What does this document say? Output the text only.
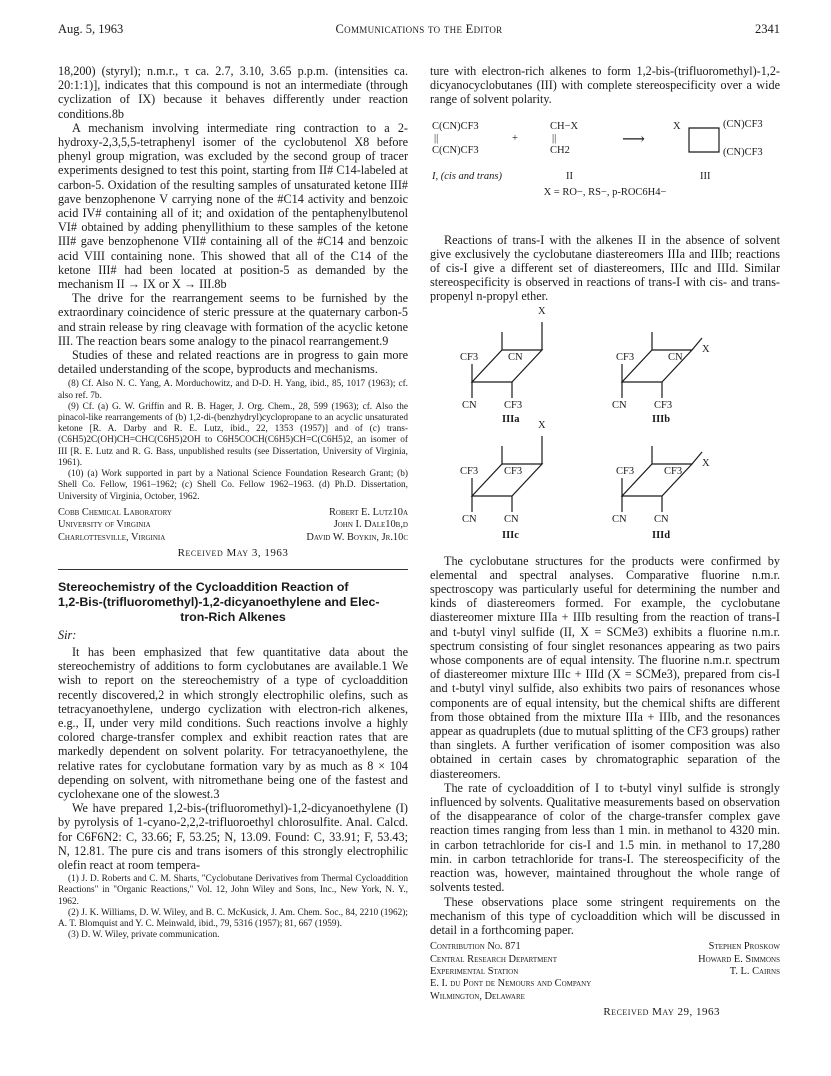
Aug. 5, 1963	Communications to the Editor	2341

18,200) (styryl); n.m.r., τ ca. 2.7, 3.10, 3.65 p.p.m. (intensities ca. 20:1:1)], indicates that this compound is not an intermediate (through cyclization of IX) because it behaves differently under reaction conditions.8b

A mechanism involving intermediate ring contraction to a 2-hydroxy-2,3,5,5-tetraphenyl isomer of the cyclobutenol X8 before phenyl group migration, was excluded by the second group of tracer experiments designed to test this point, starting from II# C14-labeled at carbon-5. Oxidation of the resulting samples of unsaturated ketone III# gave benzophenone V carrying none of the #C14 activity and benzoic acid IV# containing all of it; and oxidation of the pentaphenylbutenol VI# obtained by adding phenyllithium to these samples of the ketone III# gave benzophenone VII# containing all of the #C14 and benzoic acid VIII containing none. This showed that all of the C14 of the ketone III# had been located at position-5 as demanded by the mechanism II → IX or X → III.8b

The drive for the rearrangement seems to be furnished by the extraordinary coincidence of steric pressure at the quaternary carbon-5 and strain release by ring cleavage with formation of the acyclic ketone III. The reaction bears some analogy to the pinacol rearrangement.9

Studies of these and related reactions are in progress to gain more detailed understanding of the scope, byproducts and mechanisms.

(8) Cf. Also N. C. Yang, A. Morduchowitz, and D-D. H. Yang, ibid., 85, 1017 (1963); cf. also ref. 7b.

(9) Cf. (a) G. W. Griffin and R. B. Hager, J. Org. Chem., 28, 599 (1963); cf. Also the pinacol-like rearrangements of (b) 1,2-di-(benzhydryl)cyclopropane to an acyclic unsaturated ketone [R. A. Darby and R. E. Lutz, ibid., 22, 1353 (1957)] and of (c) trans-(C6H5)2C(OH)CH=CHC(C6H5)2OH to C6H5COCH(C6H5)CH=C(C6H5)2, an isomer of III [R. E. Lutz and R. G. Bass, unpublished results (see Dissertation, University of Virginia, 1961).

(10) (a) Work supported in part by a National Science Foundation Research Grant; (b) Shell Co. Fellow, 1961–1962; (c) Shell Co. Fellow 1962–1963. (d) Ph.D. Dissertation, University of Virginia, October, 1962.

Cobb Chemical Laboratory	Robert E. Lutz10a
University of Virginia	John I. Dale10b,d
Charlottesville, Virginia	David W. Boykin, Jr.10c
Received May 3, 1963
Stereochemistry of the Cycloaddition Reaction of
1,2-Bis-(trifluoromethyl)-1,2-dicyanoethylene and Elec-
tron-Rich Alkenes
Sir:

It has been emphasized that few quantitative data about the stereochemistry of additions to form cyclobutanes are available.1 We wish to report on the stereochemistry of a type of cycloaddition recently discovered,2 in which strongly electrophilic olefins, such as tetracyanoethylene, undergo cyclization with electron-rich alkenes, e.g., II, under very mild conditions. Such reactions involve a highly colored charge-transfer complex and exhibit reaction rates that are markedly dependent on solvent polarity. For tetracyanoethylene, the relative rates for cyclobutane formation vary by as much as 8 × 104 depending on solvent, with nitromethane being one of the fastest and cyclohexane one of the slowest.3

We have prepared 1,2-bis-(trifluoromethyl)-1,2-dicyanoethylene (I) by pyrolysis of 1-cyano-2,2,2-trifluoroethyl chlorosulfite. Anal. Calcd. for C6F6N2: C, 33.66; F, 53.25; N, 13.09. Found: C, 33.91; F, 53.43; N, 12.81. The pure cis and trans isomers of this strongly electrophilic olefin react at room tempera-

(1) J. D. Roberts and C. M. Sharts, "Cyclobutane Derivatives from Thermal Cycloaddition Reactions" in "Organic Reactions," Vol. 12, John Wiley and Sons, Inc., New York, N. Y., 1962.

(2) J. K. Williams, D. W. Wiley, and B. C. McKusick, J. Am. Chem. Soc., 84, 2210 (1962); A. T. Blomquist and Y. C. Meinwald, ibid., 79, 5316 (1957); 81, 667 (1959).

(3) D. W. Wiley, private communication.

ture with electron-rich alkenes to form 1,2-bis-(trifluoromethyl)-1,2-dicyanocyclobutanes (III) with complete stereospecificity over a wide range of solvent polarity.

C(CN)CF3
||
C(CN)CF3
+
CH−X
||
CH2
⟶
X	(CN)CF3
(CN)CF3
I, (cis and trans)	II	III
X = RO−, RS−, p-ROC6H4−

Reactions of trans-I with the alkenes II in the absence of solvent give exclusively the cyclobutane diastereomers IIIa and IIIb; reactions of cis-I give a different set of diastereomers, IIIc and IIId. Similar stereospecificity is observed in reactions of trans-I with cis- and trans-propenyl n-propyl ether.

X
CF3	CN
CN	CF3
IIIa
CF3	CN
X
CN	CF3
IIIb
X
CF3 CF3
CN	CN
IIIc
CF3	CF3
X
CN	CN
IIId

The cyclobutane structures for the products were confirmed by elemental and spectral analyses. Comparative fluorine n.m.r. spectroscopy was particularly useful for determining the number and kinds of diastereomers formed. For example, the cyclobutane diastereomer mixture IIIa + IIIb resulting from the reaction of trans-I and t-butyl vinyl sulfide (II, X = SCMe3) exhibits a fluorine n.m.r. spectrum consisting of four singlet resonances appearing as two pairs whose components are of equal intensity. The fluorine n.m.r. spectrum of diastereomer mixture IIIc + IIId (X = SCMe3), prepared from cis-I and t-butyl vinyl sulfide, also exhibits two pairs of resonances whose components are of equal intensity, but the chemical shifts are different from those obtained from the mixture IIIa + IIIb, and the resonances appear as quadruplets (due to mutual splitting of the CF3 groups) rather than singlets. A further verification of isomer composition was also obtained in certain cases by chromatographic separation of the diastereomers.

The rate of cycloaddition of I to t-butyl vinyl sulfide is strongly influenced by solvents. Qualitative measurements based on observation of the disappearance of color of the charge-transfer complex gave reaction times ranging from less than 1 min. in methanol to 4320 min. in carbon tetrachloride for cis-I and 1.5 min. in methanol to 17,280 min. in carbon tetrachloride for trans-I. The stereospecificity of the reaction was, however, maintained throughout the whole range of solvents tested.

These observations place some stringent requirements on the mechanism of this type of cycloaddition which will be discussed in detail in a forthcoming paper.

Contribution No. 871	Stephen Proskow
Central Research Department	Howard E. Simmons
Experimental Station	T. L. Cairns
E. I. du Pont de Nemours and Company
Wilmington, Delaware
Received May 29, 1963
